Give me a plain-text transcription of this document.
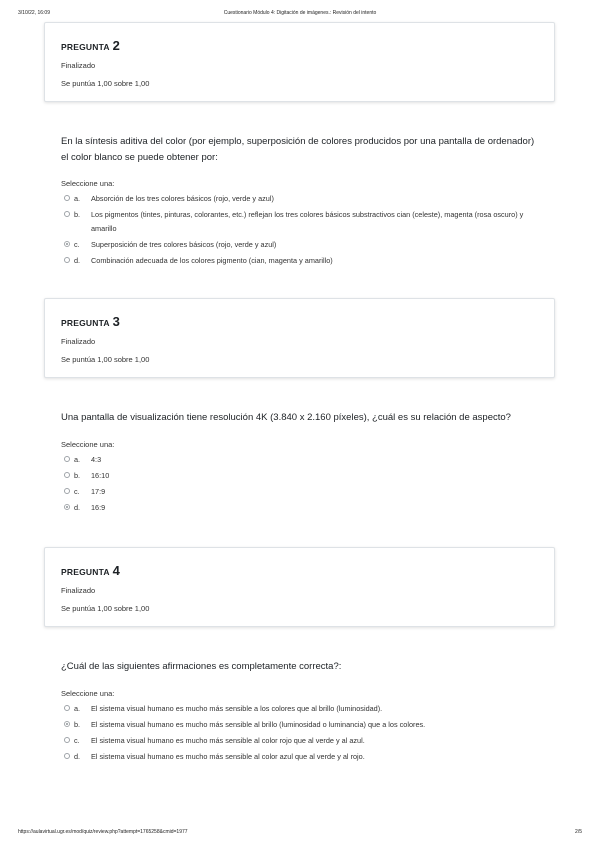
3/10/22, 16:09	Cuestionario Módulo 4: Digitación de imágenes.: Revisión del intento
PREGUNTA 2
Finalizado
Se puntúa 1,00 sobre 1,00
En la síntesis aditiva del color (por ejemplo, superposición de colores producidos por una pantalla de ordenador) el color blanco se puede obtener por:
Seleccione una:
a. Absorción de los tres colores básicos (rojo, verde y azul)
b. Los pigmentos (tintes, pinturas, colorantes, etc.) reflejan los tres colores básicos substractivos cian (celeste), magenta (rosa oscuro) y amarillo
c. Superposición de tres colores básicos (rojo, verde y azul)
d. Combinación adecuada de los colores pigmento (cian, magenta y amarillo)
PREGUNTA 3
Finalizado
Se puntúa 1,00 sobre 1,00
Una pantalla de visualización tiene resolución 4K (3.840 x 2.160 píxeles), ¿cuál es su relación de aspecto?
Seleccione una:
a. 4:3
b. 16:10
c. 17:9
d. 16:9
PREGUNTA 4
Finalizado
Se puntúa 1,00 sobre 1,00
¿Cuál de las siguientes afirmaciones es completamente correcta?:
Seleccione una:
a. El sistema visual humano es mucho más sensible a los colores que al brillo (luminosidad).
b. El sistema visual humano es mucho más sensible al brillo (luminosidad o luminancia) que a los colores.
c. El sistema visual humano es mucho más sensible al color rojo que al verde y al azul.
d. El sistema visual humano es mucho más sensible al color azul que al verde y al rojo.
https://aulavirtual.ugr.es/mod/quiz/review.php?attempt=1765258&cmid=1977	2/5
